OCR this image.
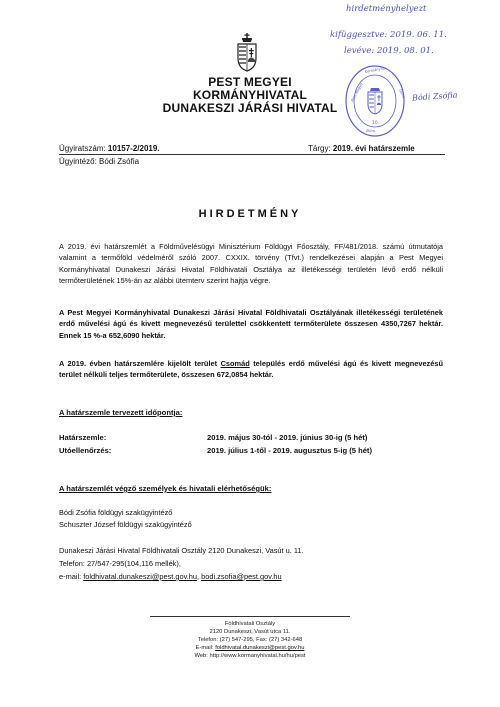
PEST MEGYEI
KORMÁNYHIVATAL
DUNAKESZI JÁRÁSI HIVATAL
hirdetményhelyezt
kifüggesztve: 2019. 06. 11.
levéve: 2019. 08. 01.
Bódi Zsófia
Pest Megye
Kormányhiv.
Duna
10.
Bóm.
Ügyiratszám: 10157-2/2019.	Tárgy: 2019. évi határszemle
Ügyintéző: Bódi Zsófia
HIRDETMÉNY
A 2019. évi határszemlét a Földművelésügyi Minisztérium Földügyi Főosztály, FF/481/2018. számú útmutatója valamint a termőföld védelméről szóló 2007. CXXIX. törvény (Tfvt.) rendelkezései alapján a Pest Megyei Kormányhivatal Dunakeszi Járási Hivatal Földhivatali Osztálya az illetékességi területén lévő erdő nélküli termőterületének 15%-án az alábbi ütemterv szerint hajtja végre.
A Pest Megyei Kormányhivatal Dunakeszi Járási Hivatal Földhivatali Osztályának illetékességi területének erdő művelési ágú és kivett megnevezésű területtel csökkentett termőterülete összesen 4350,7267 hektár. Ennek 15 %-a 652,6090 hektár.
A 2019. évben határszemlére kijelölt terület Csomád település erdő művelési ágú és kivett megnevezésű terület nélküli teljes termőterülete, összesen 672,0854 hektár.
A határszemle tervezett időpontja:
Határszemle:	2019. május 30-tól - 2019. június 30-ig (5 hét)
Utóellenőrzés:	2019. július 1-től - 2019. augusztus 5-ig (5 hét)
A határszemlét végző személyek és hivatali elérhetőségük:
Bódi Zsófia földügyi szakügyintéző
Schuszter József földügyi szakügyintéző
Dunakeszi Járási Hivatal Földhivatali Osztály 2120 Dunakeszi, Vasút u. 11.
Telefon: 27/547-295(104,116 mellék),
e-mail: foldhivatal.dunakeszi@pest.gov.hu, bodi.zsofia@pest.gov.hu
Földhivatali Osztály
2120 Dunakeszi, Vasút utca 11.
Telefon: (27) 547-295, Fax: (27) 342-648
E-mail: foldhivatal.dunakeszi@pest.gov.hu
Web: http://www.kormanyhivatal.hu/hu/pest
